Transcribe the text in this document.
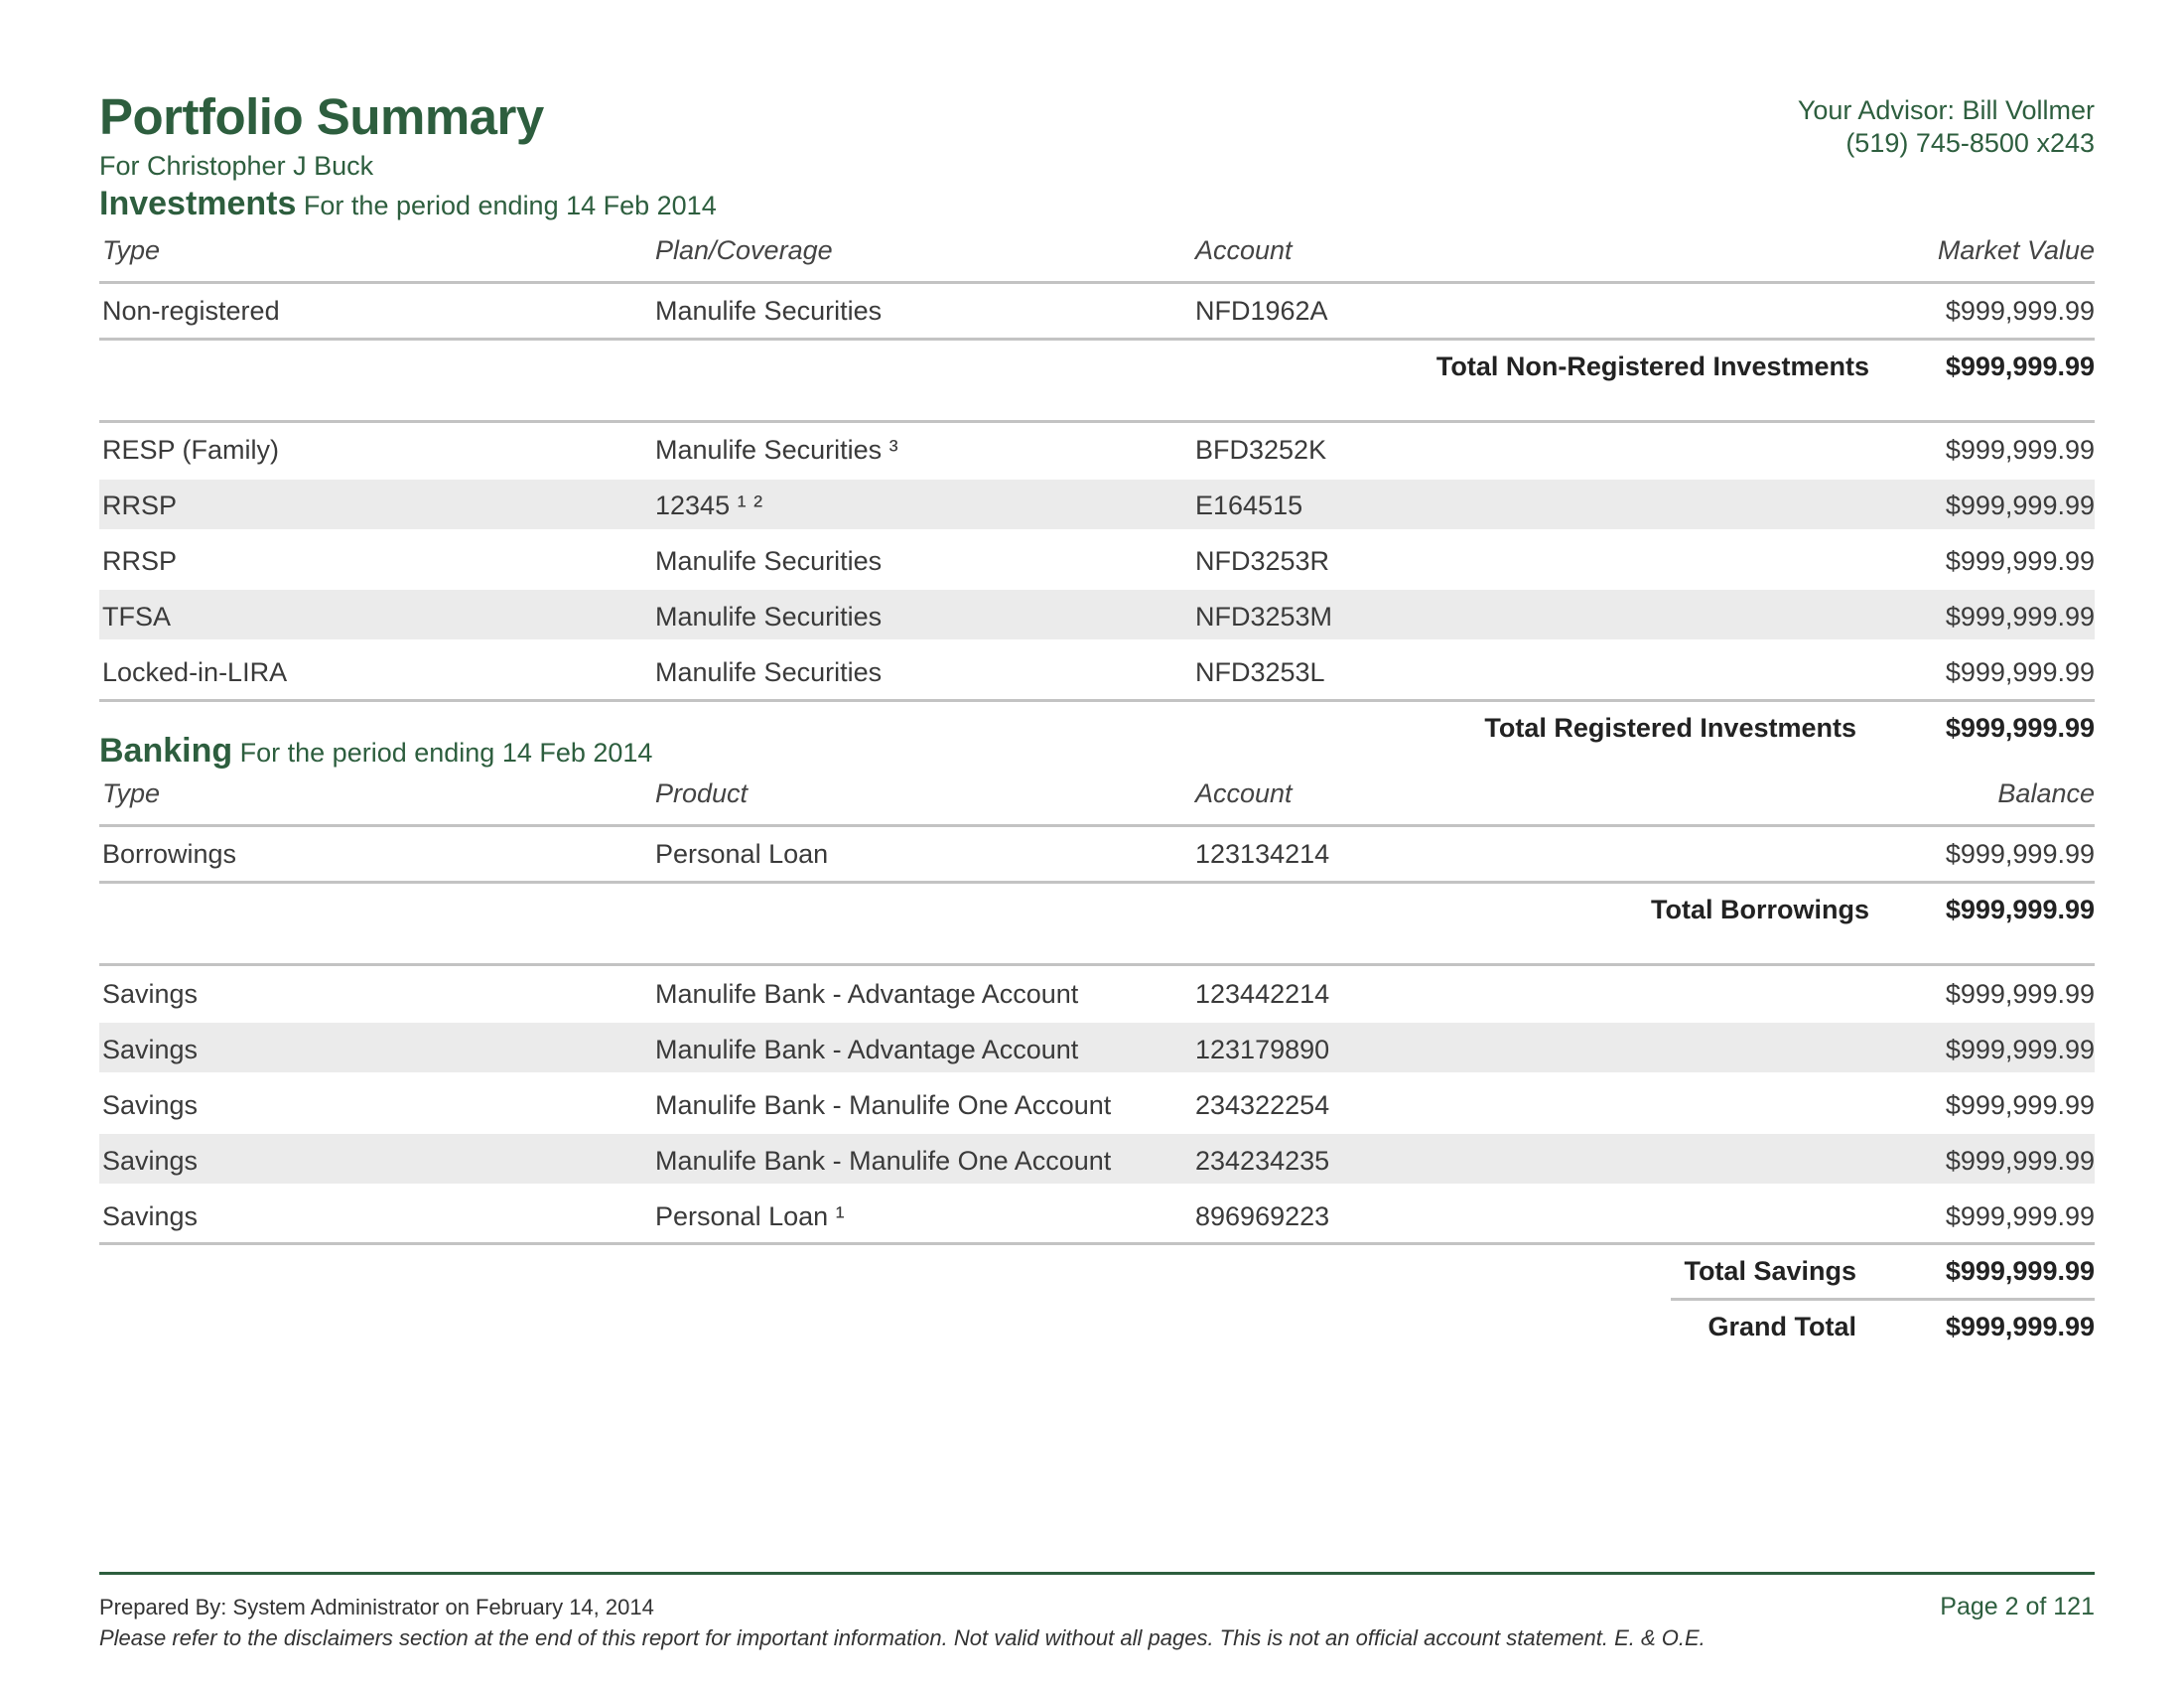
Portfolio Summary
For Christopher J Buck
Your Advisor: Bill Vollmer
(519) 745-8500 x243
Investments For the period ending 14 Feb 2014
Type	Plan/Coverage	Account	Market Value
Non-registered	Manulife Securities	NFD1962A	$999,999.99
Total Non-Registered Investments	$999,999.99
RESP (Family)	Manulife Securities ³	BFD3252K	$999,999.99
RRSP	12345 ¹ ²	E164515	$999,999.99
RRSP	Manulife Securities	NFD3253R	$999,999.99
TFSA	Manulife Securities	NFD3253M	$999,999.99
Locked-in-LIRA	Manulife Securities	NFD3253L	$999,999.99
Total Registered Investments	$999,999.99
Banking For the period ending 14 Feb 2014
Type	Product	Account	Balance
Borrowings	Personal Loan	123134214	$999,999.99
Total Borrowings	$999,999.99
Savings	Manulife Bank - Advantage Account	123442214	$999,999.99
Savings	Manulife Bank - Advantage Account	123179890	$999,999.99
Savings	Manulife Bank - Manulife One Account	234322254	$999,999.99
Savings	Manulife Bank - Manulife One Account	234234235	$999,999.99
Savings	Personal Loan ¹	896969223	$999,999.99
Total Savings	$999,999.99
Grand Total	$999,999.99
Prepared By: System Administrator on February 14, 2014
Please refer to the disclaimers section at the end of this report for important information. Not valid without all pages. This is not an official account statement. E. & O.E.
Page 2 of 121
